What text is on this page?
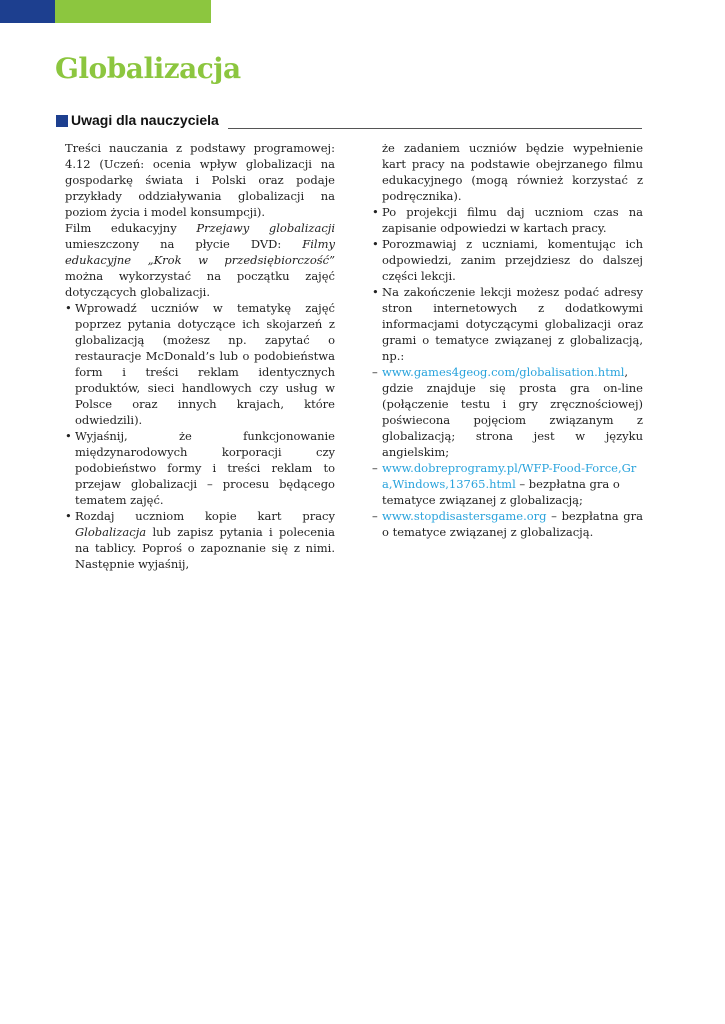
Globalizacja
Uwagi dla nauczyciela

Treści nauczania z podstawy programowej: 4.12 (Uczeń: ocenia wpływ globalizacji na gospodarkę świata i Polski oraz podaje przykłady oddziaływania globalizacji na poziom życia i model konsumpcji).

Film edukacyjny Przejawy globalizacji umieszczony na płycie DVD: Filmy edukacyjne „Krok w przedsiębiorczość” można wykorzystać na początku zajęć dotyczących globalizacji.

• Wprowadź uczniów w tematykę zajęć poprzez pytania dotyczące ich skojarzeń z globalizacją (możesz np. zapytać o restauracje McDonald’s lub o podobieństwa form i treści reklam identycznych produktów, sieci handlowych czy usług w Polsce oraz innych krajach, które odwiedzili).
• Wyjaśnij, że funkcjonowanie międzynarodowych korporacji czy podobieństwo formy i treści reklam to przejaw globalizacji – procesu będącego tematem zajęć.
• Rozdaj uczniom kopie kart pracy Globalizacja lub zapisz pytania i polecenia na tablicy. Poproś o zapoznanie się z nimi. Następnie wyjaśnij,

że zadaniem uczniów będzie wypełnienie kart pracy na podstawie obejrzanego filmu edukacyjnego (mogą również korzystać z podręcznika).

• Po projekcji filmu daj uczniom czas na zapisanie odpowiedzi w kartach pracy.
• Porozmawiaj z uczniami, komentując ich odpowiedzi, zanim przejdziesz do dalszej części lekcji.
• Na zakończenie lekcji możesz podać adresy stron internetowych z dodatkowymi informacjami dotyczącymi globalizacji oraz grami o tematyce związanej z globalizacją, np.:
– www.games4geog.com/globalisation.html, gdzie znajduje się prosta gra on-line (połączenie testu i gry zręcznościowej) poświecona pojęciom związanym z globalizacją; strona jest w języku angielskim;
– www.dobreprogramy.pl/WFP-Food-Force,Gra,Windows,13765.html – bezpłatna gra o tematyce związanej z globalizacją;
– www.stopdisastersgame.org – bezpłatna gra o tematyce związanej z globalizacją.
